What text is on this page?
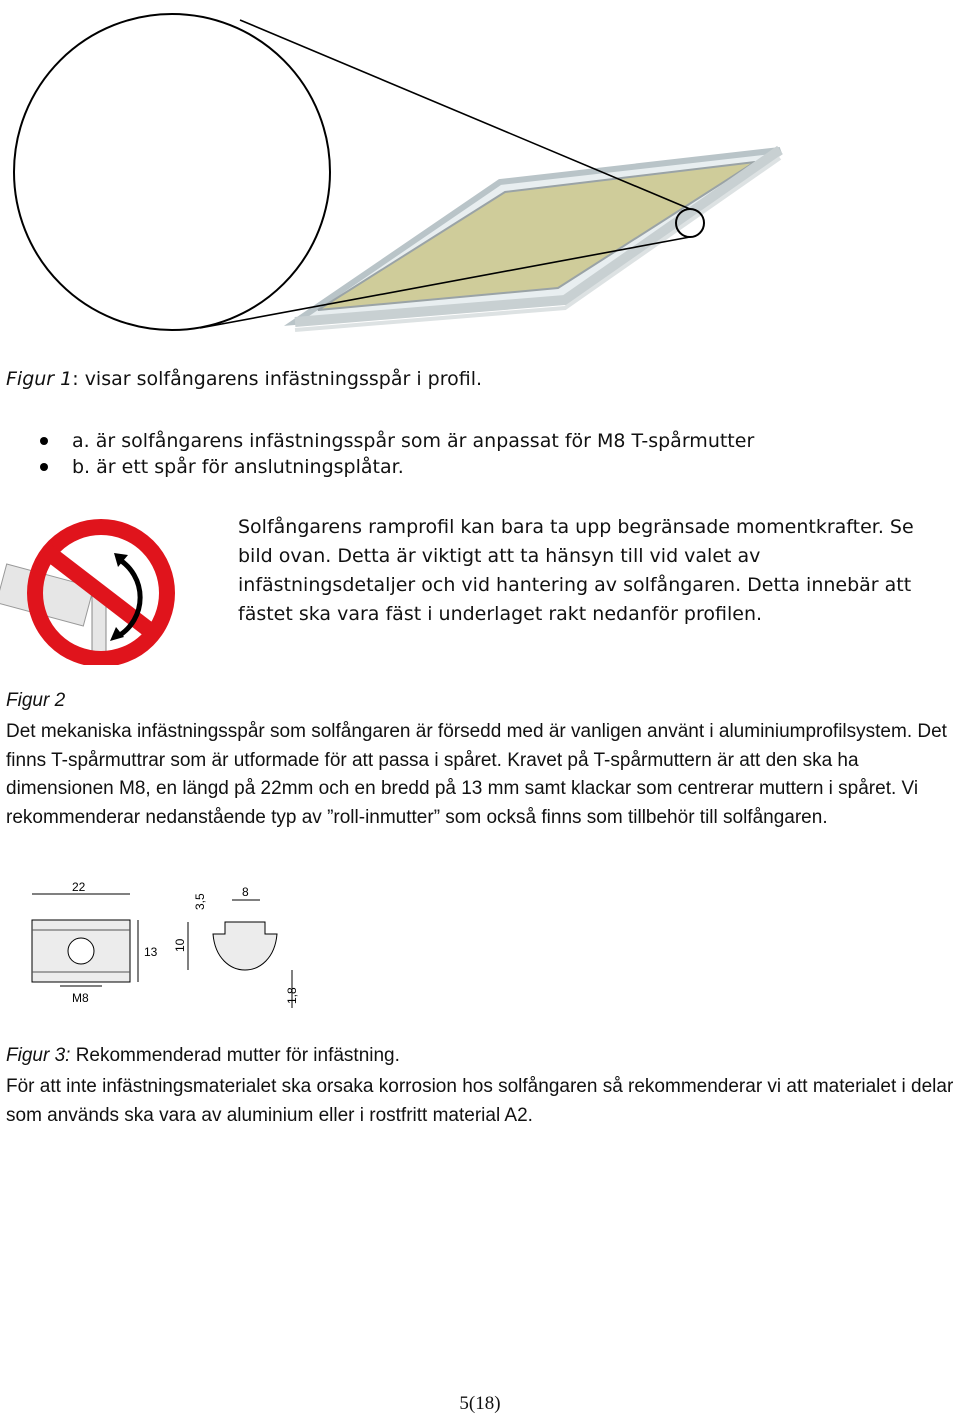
Figur 1: visar solfångarens infästningsspår i profil.
a. är solfångarens infästningsspår som är anpassat för M8 T-spårmutter
b. är ett spår för anslutningsplåtar.
Solfångarens ramprofil kan bara ta upp begränsade momentkrafter. Se bild ovan. Detta är viktigt att ta hänsyn till vid valet av infästningsdetaljer och vid hantering av solfångaren. Detta innebär att fästet ska vara fäst i underlaget rakt nedanför profilen.
Figur 2
Det mekaniska infästningsspår som solfångaren är försedd med är vanligen använt i aluminiumprofilsystem. Det finns T-spårmuttrar som är utformade för att passa i spåret. Kravet på T-spårmuttern är att den ska ha dimensionen M8, en längd på 22mm och en bredd på 13 mm samt klackar som centrerar muttern i spåret. Vi rekommenderar nedanstående typ av ”roll-inmutter” som också finns som tillbehör till solfångaren.
22
13
M8
3,5
8
10
1,8
Figur 3: Rekommenderad mutter för infästning.
För att inte infästningsmaterialet ska orsaka korrosion hos solfångaren så rekommenderar vi att materialet i delar som används ska vara av aluminium eller i rostfritt material A2.
5(18)
